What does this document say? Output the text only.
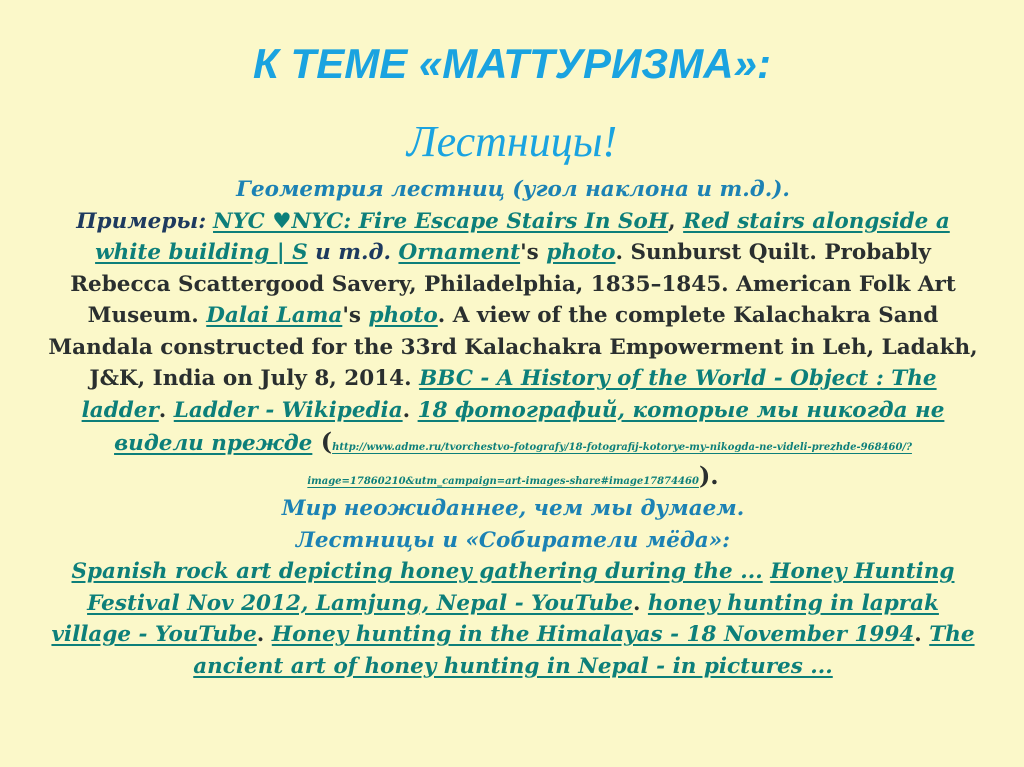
К ТЕМЕ «МАТТУРИЗМА»:
Лестницы!
Геометрия лестниц (угол наклона и т.д.).
Примеры: NYC ♥NYC: Fire Escape Stairs In SoH, Red stairs alongside a white building | S и т.д. Ornament's photo. Sunburst Quilt. Probably Rebecca Scattergood Savery, Philadelphia, 1835–1845. American Folk Art Museum. Dalai Lama's photo. A view of the complete Kalachakra Sand Mandala constructed for the 33rd Kalachakra Empowerment in Leh, Ladakh, J&K, India on July 8, 2014. BBC - A History of the World - Object : The ladder. Ladder - Wikipedia. 18 фотографий, которые мы никогда не видели прежде (http://www.adme.ru/tvorchestvo-fotografy/18-fotografij-kotorye-my-nikogda-ne-videli-prezhde-968460/?image=17860210&utm_campaign=art-images-share#image17874460).
Мир неожиданнее, чем мы думаем.
Лестницы и «Собиратели мёда»:
Spanish rock art depicting honey gathering during the ... Honey Hunting Festival Nov 2012, Lamjung, Nepal - YouTube. honey hunting in laprak village - YouTube. Honey hunting in the Himalayas - 18 November 1994. The ancient art of honey hunting in Nepal - in pictures ...
